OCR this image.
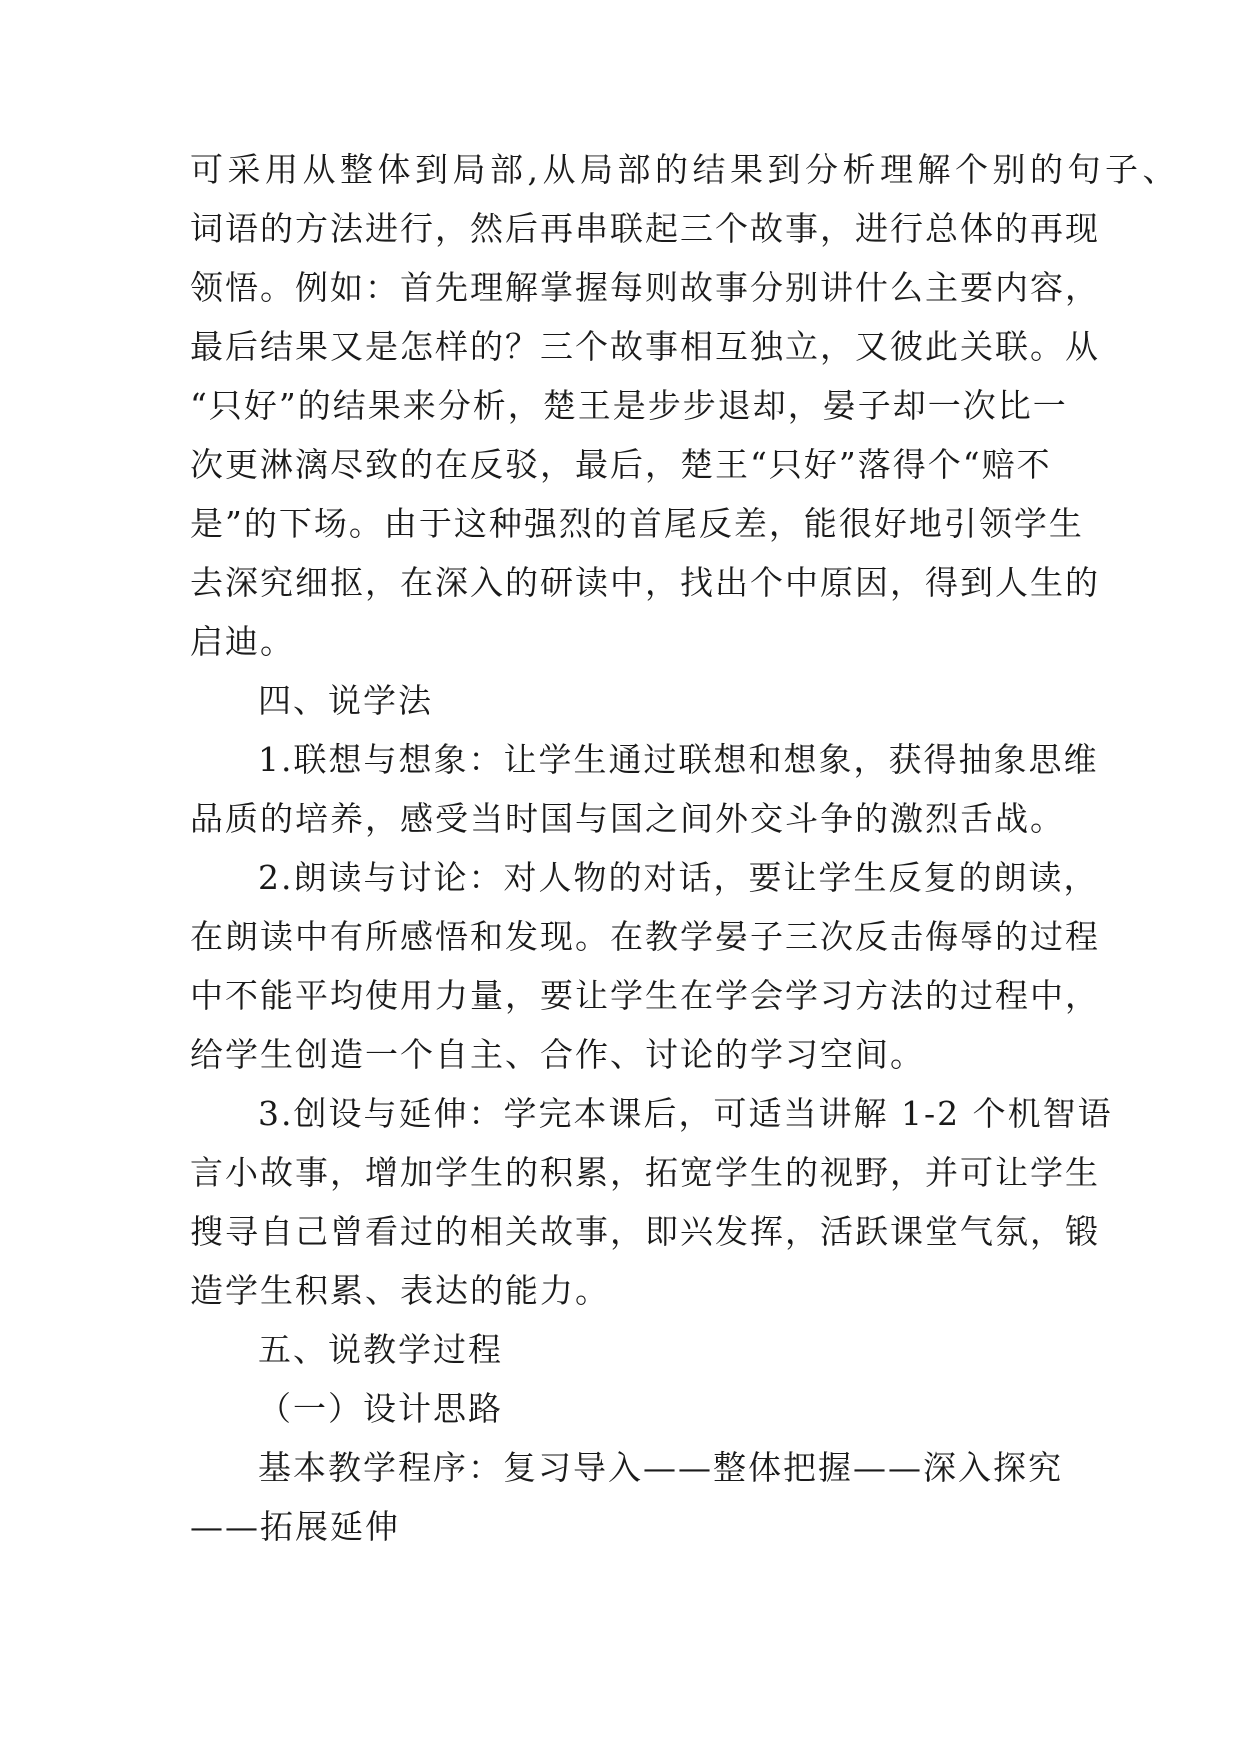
可采用从整体到局部,从局部的结果到分析理解个别的句子、
词语的方法进行，然后再串联起三个故事，进行总体的再现
领悟。例如：首先理解掌握每则故事分别讲什么主要内容，
最后结果又是怎样的？三个故事相互独立，又彼此关联。从
“只好”的结果来分析，楚王是步步退却，晏子却一次比一
次更淋漓尽致的在反驳，最后，楚王“只好”落得个“赔不
是”的下场。由于这种强烈的首尾反差，能很好地引领学生
去深究细抠，在深入的研读中，找出个中原因，得到人生的
启迪。
四、说学法
1.联想与想象：让学生通过联想和想象，获得抽象思维
品质的培养，感受当时国与国之间外交斗争的激烈舌战。
2.朗读与讨论：对人物的对话，要让学生反复的朗读，
在朗读中有所感悟和发现。在教学晏子三次反击侮辱的过程
中不能平均使用力量，要让学生在学会学习方法的过程中，
给学生创造一个自主、合作、讨论的学习空间。
3.创设与延伸：学完本课后，可适当讲解 1-2 个机智语
言小故事，增加学生的积累，拓宽学生的视野，并可让学生
搜寻自己曾看过的相关故事，即兴发挥，活跃课堂气氛，锻
造学生积累、表达的能力。
五、说教学过程
（一）设计思路
基本教学程序：复习导入——整体把握——深入探究
——拓展延伸
